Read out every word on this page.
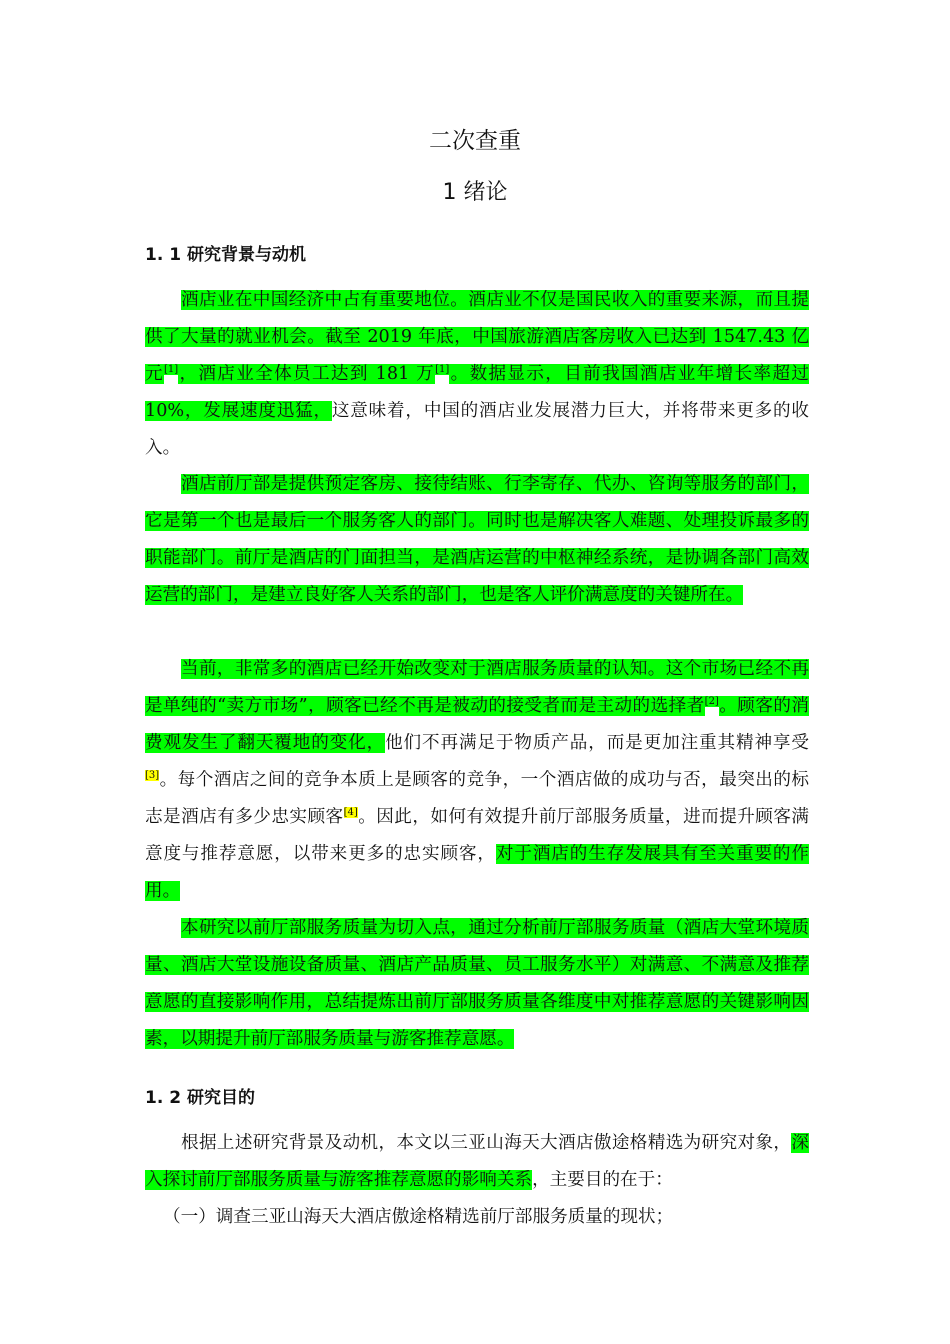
二次查重
1 绪论
1. 1 研究背景与动机
酒店业在中国经济中占有重要地位。酒店业不仅是国民收入的重要来源，而且提供了大量的就业机会。截至 2019 年底，中国旅游酒店客房收入已达到 1547.43 亿元[1]，酒店业全体员工达到 181 万[1]。数据显示，目前我国酒店业年增长率超过 10%，发展速度迅猛，这意味着，中国的酒店业发展潜力巨大，并将带来更多的收入。
酒店前厅部是提供预定客房、接待结账、行李寄存、代办、咨询等服务的部门，它是第一个也是最后一个服务客人的部门。同时也是解决客人难题、处理投诉最多的职能部门。前厅是酒店的门面担当，是酒店运营的中枢神经系统，是协调各部门高效运营的部门，是建立良好客人关系的部门，也是客人评价满意度的关键所在。
当前，非常多的酒店已经开始改变对于酒店服务质量的认知。这个市场已经不再是单纯的“卖方市场”，顾客已经不再是被动的接受者而是主动的选择者[2]。顾客的消费观发生了翻天覆地的变化，他们不再满足于物质产品，而是更加注重其精神享受[3]。每个酒店之间的竞争本质上是顾客的竞争，一个酒店做的成功与否，最突出的标志是酒店有多少忠实顾客[4]。因此，如何有效提升前厅部服务质量，进而提升顾客满意度与推荐意愿，以带来更多的忠实顾客，对于酒店的生存发展具有至关重要的作用。
本研究以前厅部服务质量为切入点，通过分析前厅部服务质量（酒店大堂环境质量、酒店大堂设施设备质量、酒店产品质量、员工服务水平）对满意、不满意及推荐意愿的直接影响作用，总结提炼出前厅部服务质量各维度中对推荐意愿的关键影响因素，以期提升前厅部服务质量与游客推荐意愿。
1. 2 研究目的
根据上述研究背景及动机，本文以三亚山海天大酒店傲途格精选为研究对象，深入探讨前厅部服务质量与游客推荐意愿的影响关系，主要目的在于：
（一）调查三亚山海天大酒店傲途格精选前厅部服务质量的现状；
